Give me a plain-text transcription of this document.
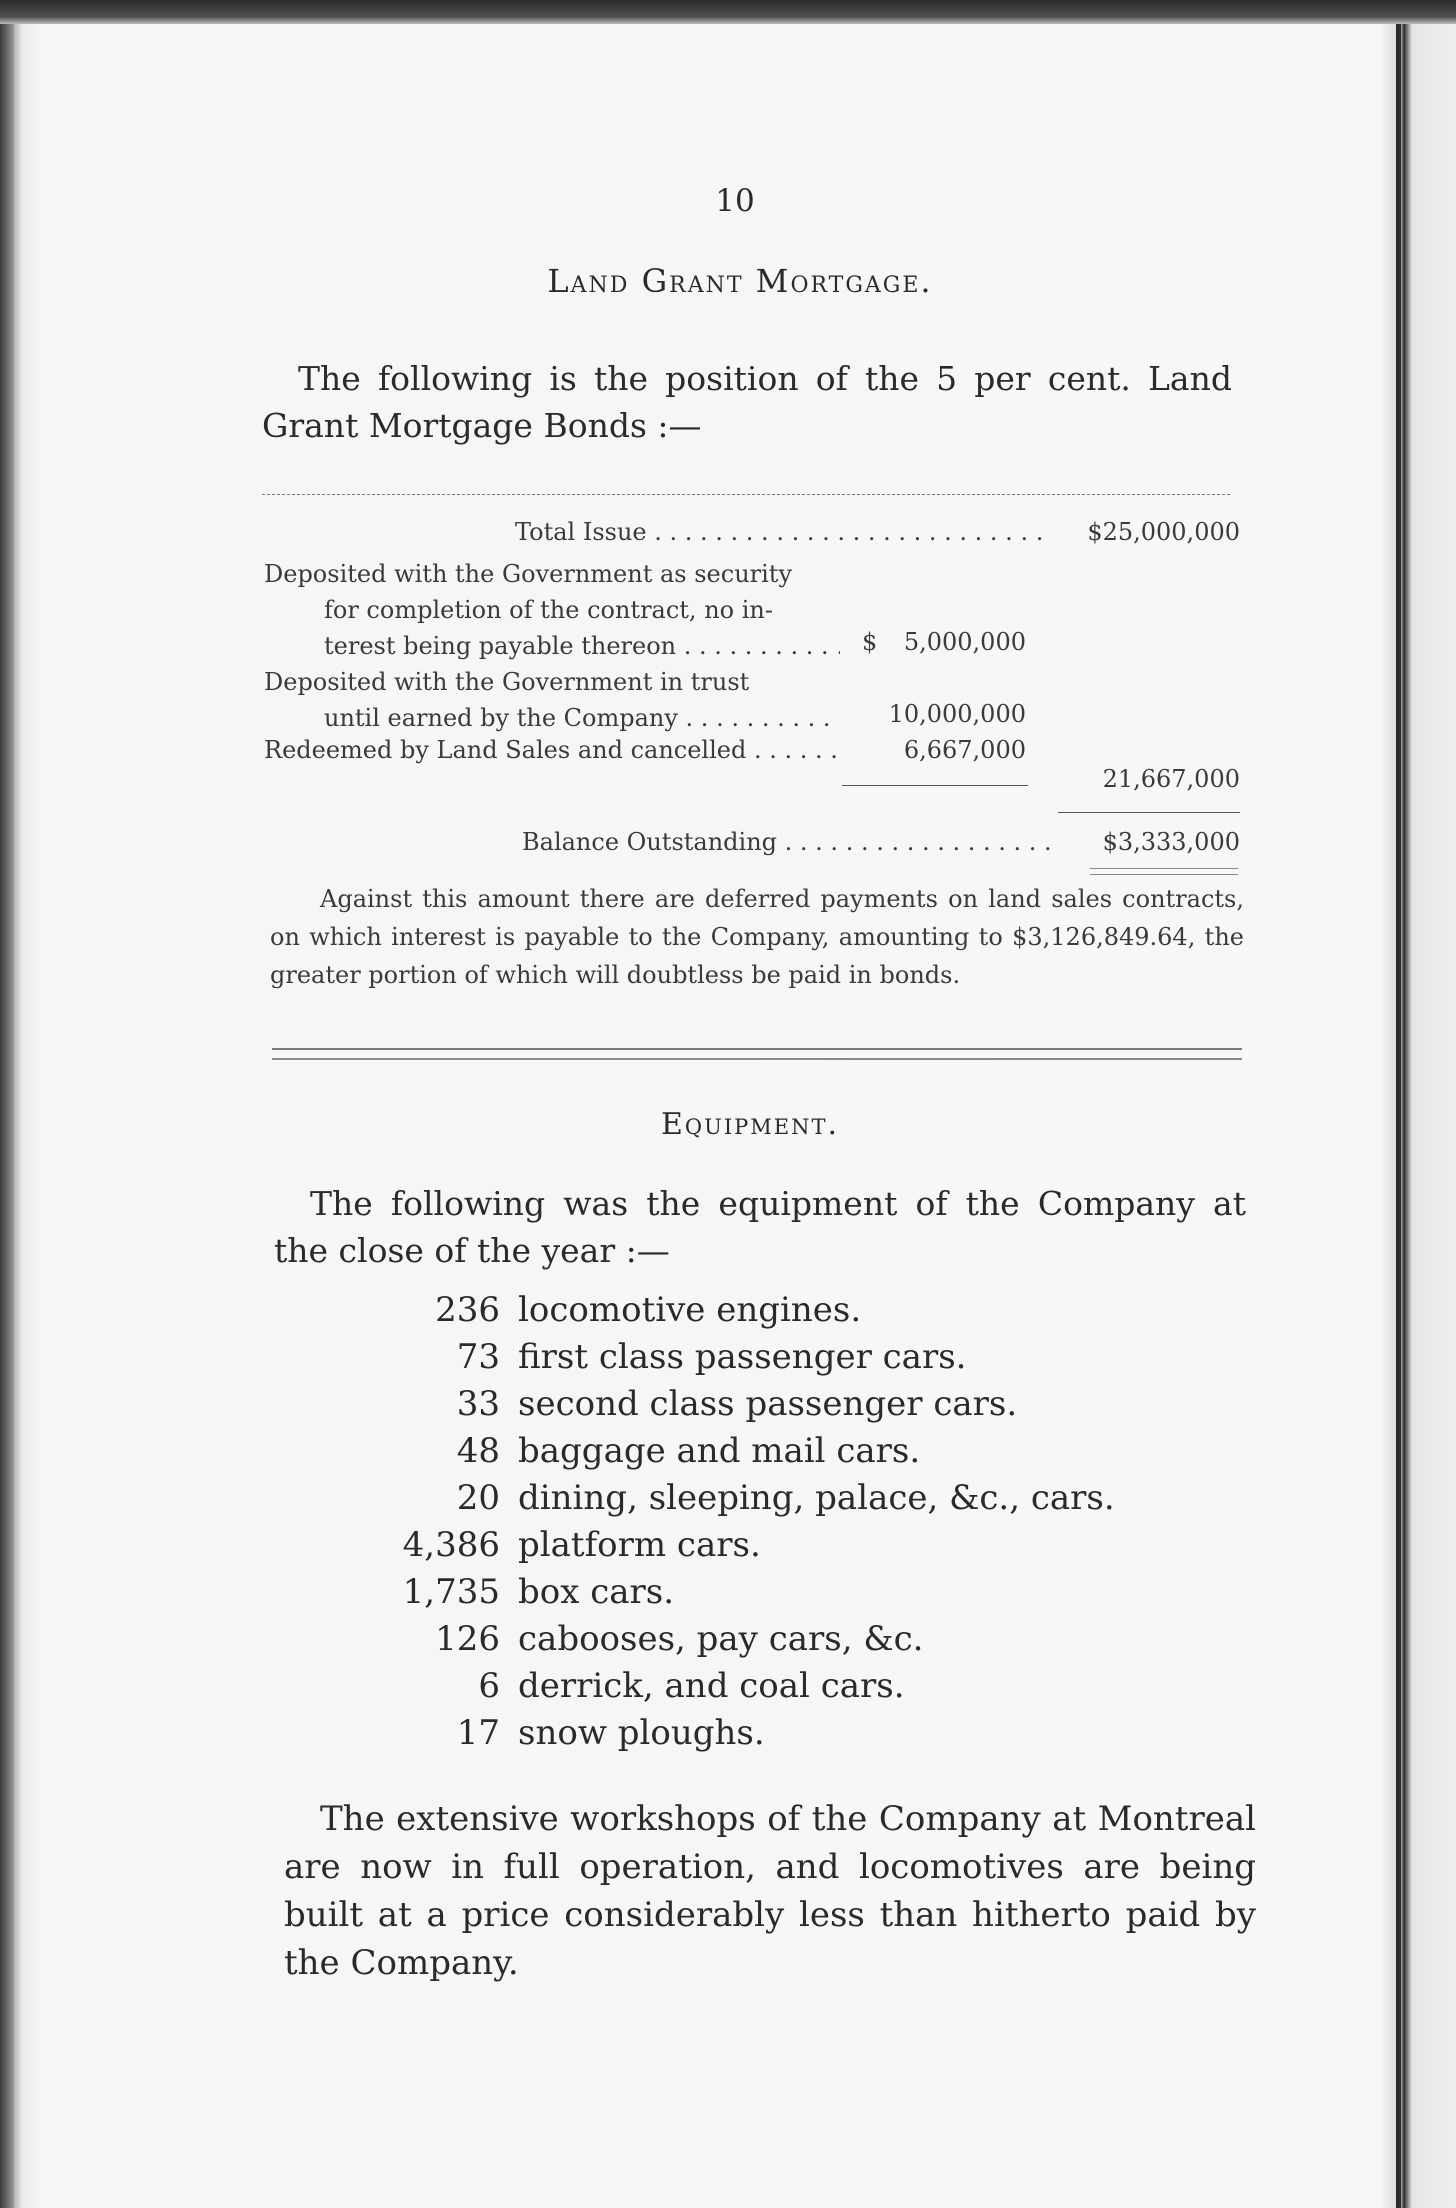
10
Land Grant Mortgage.

The following is the position of the 5 per cent. Land Grant Mortgage Bonds :—

Total Issue . . .	$25,000,000
Deposited with the Government as security
for completion of the contract, no in-
terest being payable thereon . . .	$	5,000,000
Deposited with the Government in trust
until earned by the Company . . .	10,000,000
Redeemed by Land Sales and cancelled . . .	6,667,000
21,667,000
Balance Outstanding . . .	$3,333,000

Against this amount there are deferred payments on land sales contracts, on which interest is payable to the Company, amounting to $3,126,849.64, the greater portion of which will doubtless be paid in bonds.

Equipment.

The following was the equipment of the Company at the close of the year :—

236 locomotive engines.
73 first class passenger cars.
33 second class passenger cars.
48 baggage and mail cars.
20 dining, sleeping, palace, &c., cars.
4,386 platform cars.
1,735 box cars.
126 cabooses, pay cars, &c.
6 derrick, and coal cars.
17 snow ploughs.

The extensive workshops of the Company at Montreal are now in full operation, and locomotives are being built at a price considerably less than hitherto paid by the Company.
